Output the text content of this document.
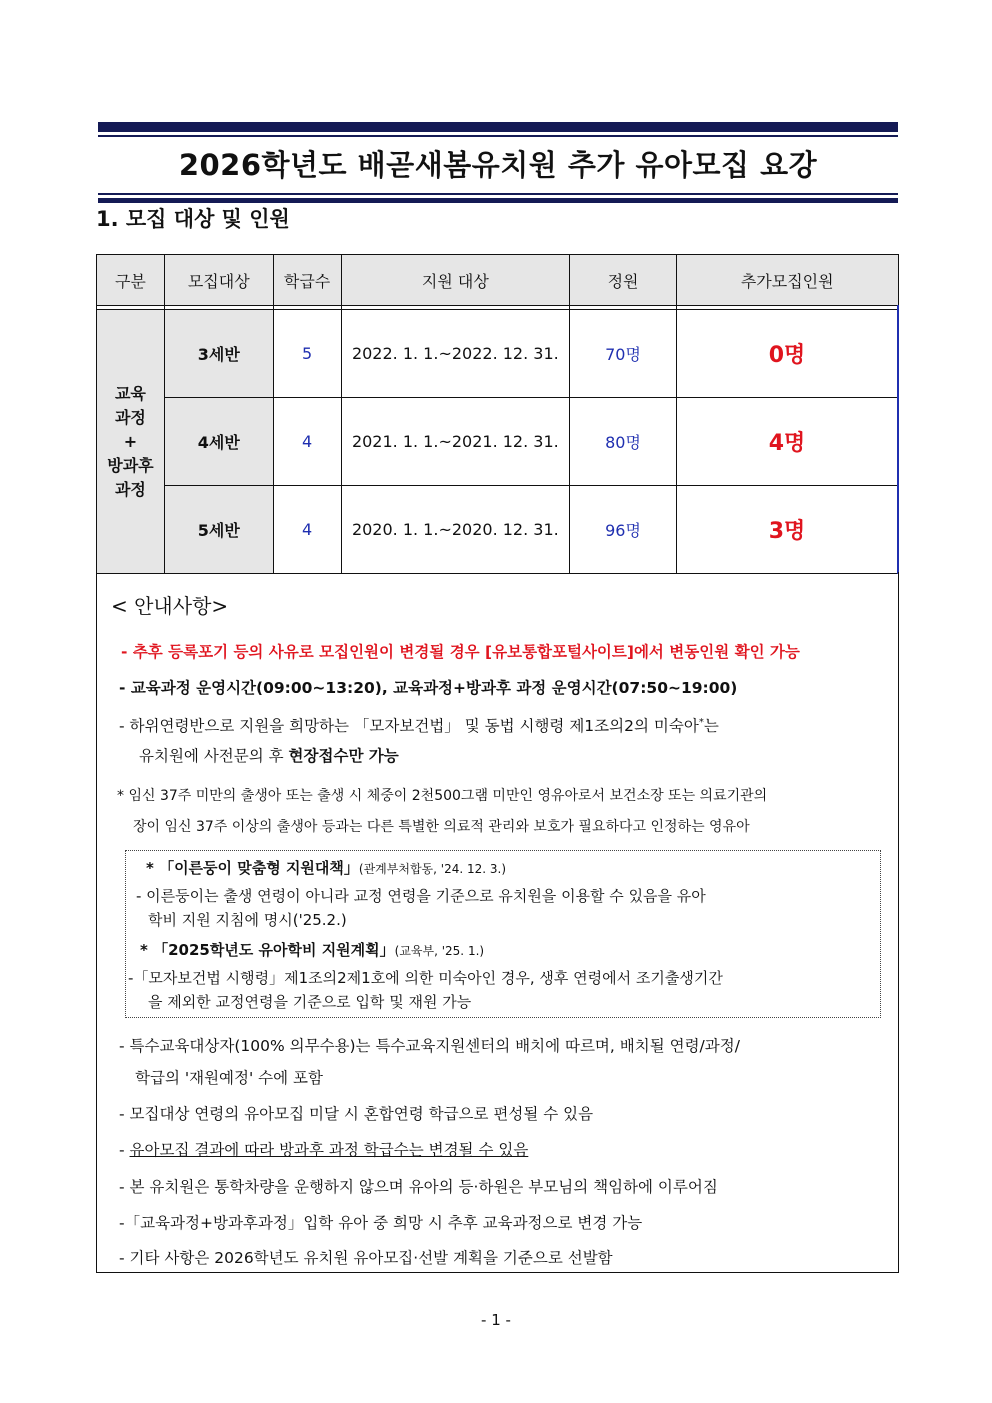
2026학년도 배곧새봄유치원 추가 유아모집 요강
1. 모집 대상 및 인원
구분	모집대상	학급수	지원 대상	정원	추가모집인원

교육
과정
+
방과후
과정	3세반	5	2022. 1. 1.~2022. 12. 31.	70명	0명
	4세반	4	2021. 1. 1.~2021. 12. 31.	80명	4명
	5세반	4	2020. 1. 1.~2020. 12. 31.	96명	3명
< 안내사항>
- 추후 등록포기 등의 사유로 모집인원이 변경될 경우 [유보통합포털사이트]에서 변동인원 확인 가능
- 교육과정 운영시간(09:00~13:20), 교육과정+방과후 과정 운영시간(07:50~19:00)
- 하위연령반으로 지원을 희망하는 「모자보건법」 및 동법 시행령 제1조의2의 미숙아*는
유치원에 사전문의 후 현장접수만 가능
* 임신 37주 미만의 출생아 또는 출생 시 체중이 2천500그램 미만인 영유아로서 보건소장 또는 의료기관의
장이 임신 37주 이상의 출생아 등과는 다른 특별한 의료적 관리와 보호가 필요하다고 인정하는 영유아
* 「이른둥이 맞춤형 지원대책」(관계부처합동, '24. 12. 3.)
- 이른둥이는 출생 연령이 아니라 교정 연령을 기준으로 유치원을 이용할 수 있음을 유아
학비 지원 지침에 명시('25.2.)
* 「2025학년도 유아학비 지원계획」(교육부, '25. 1.)
-「모자보건법 시행령」제1조의2제1호에 의한 미숙아인 경우, 생후 연령에서 조기출생기간
을 제외한 교정연령을 기준으로 입학 및 재원 가능
- 특수교육대상자(100% 의무수용)는 특수교육지원센터의 배치에 따르며, 배치될 연령/과정/
학급의 '재원예정' 수에 포함
- 모집대상 연령의 유아모집 미달 시 혼합연령 학급으로 편성될 수 있음
- 유아모집 결과에 따라 방과후 과정 학급수는 변경될 수 있음
- 본 유치원은 통학차량을 운행하지 않으며 유아의 등·하원은 부모님의 책임하에 이루어짐
-「교육과정+방과후과정」입학 유아 중 희망 시 추후 교육과정으로 변경 가능
- 기타 사항은 2026학년도 유치원 유아모집·선발 계획을 기준으로 선발함
- 1 -
